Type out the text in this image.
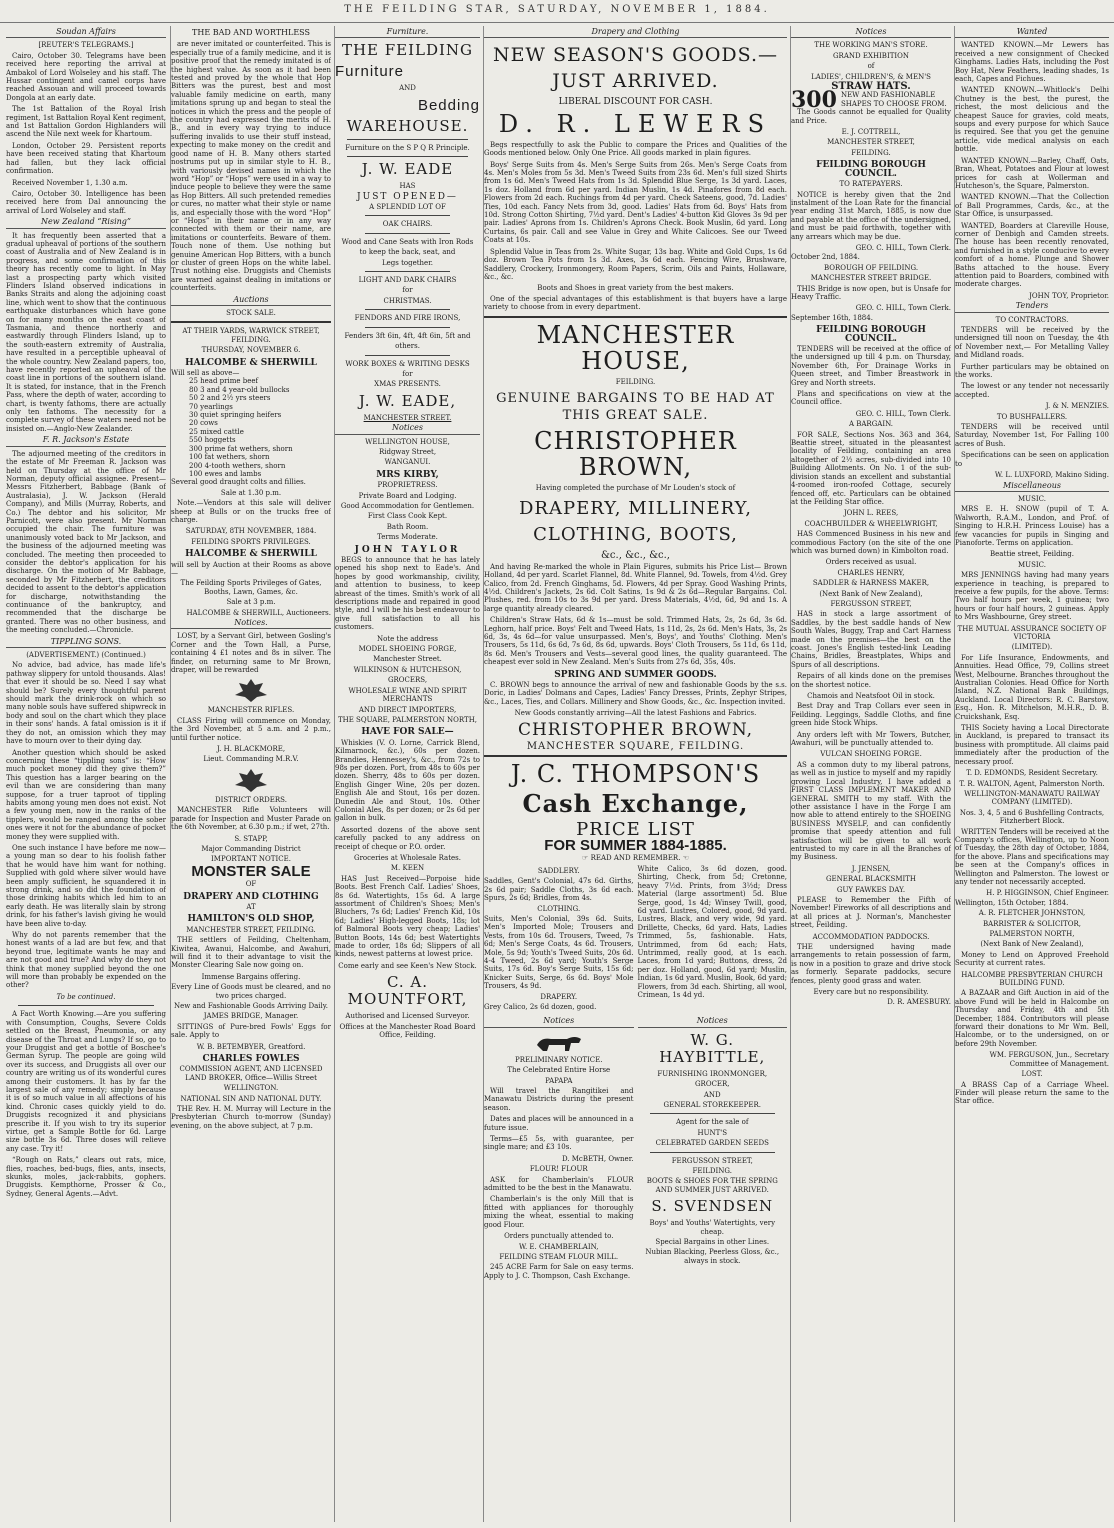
THE FEILDING STAR, SATURDAY, NOVEMBER 1, 1884.
Soudan Affairs
[REUTER'S TELEGRAMS.]

Cairo, October 30. Telegrams have been received here reporting the arrival at Ambakol of Lord Wolseley and his staff. The Hussar contingent and camel corps have reached Assouan and will proceed towards Dongola at an early date.

The 1st Battalion of the Royal Irish regiment, 1st Battalion Royal Kent regiment, and 1st Battalion Gordon Highlanders will ascend the Nile next week for Khartoum.

London, October 29. Persistent reports have been received stating that Khartoum had fallen, but they lack official confirmation.

Received November 1, 1.30 a.m.

Cairo, October 30. Intelligence has been received here from Dal announcing the arrival of Lord Wolseley and staff.

New Zealand “Rising”

It has frequently been asserted that a gradual upheaval of portions of the southern coast of Australia and of New Zealand is in progress, and some confirmation of this theory has recently come to light. In May last a prospecting party which visited Flinders Island observed indications in Banks Straits and along the adjoining coast line, which went to show that the continuous earthquake disturbances which have gone on for many months on the east coast of Tasmania, and thence northerly and eastwardly through Flinders Island, up to the south-eastern extremity of Australia, have resulted in a perceptible upheaval of the whole country. New Zealand papers, too, have recently reported an upheaval of the coast line in portions of the southern island. It is stated, for instance, that in the French Pass, where the depth of water, according to chart, is twenty fathoms, there are actually only ten fathoms. The necessity for a complete survey of these waters need not be insisted on.—Anglo-New Zealander.

F. R. Jackson's Estate

The adjourned meeting of the creditors in the estate of Mr Freeman R. Jackson was held on Thursday at the office of Mr Norman, deputy official assignee. Present—Messrs Fitzherbert, Babbage (Bank of Australasia), J. W. Jackson (Herald Company), and Mills (Murray, Roberts, and Co.) The debtor and his solicitor, Mr Parnicott, were also present. Mr Norman occupied the chair. The furniture was unanimously voted back to Mr Jackson, and the business of the adjourned meeting was concluded. The meeting then proceeded to consider the debtor's application for his discharge. On the motion of Mr Babbage, seconded by Mr Fitzherbert, the creditors decided to assent to the debtor's application for discharge, notwithstanding the continuance of the bankruptcy, and recommended that the discharge be granted. There was no other business, and the meeting concluded.—Chronicle.

TIPPLING SONS.
(ADVERTISEMENT.) (Continued.)

No advice, bad advice, has made life's pathway slippery for untold thousands. Alas! that ever it should be so. Need I say what should be? Surely every thoughtful parent should mark the drink-rock on which so many noble souls have suffered shipwreck in body and soul on the chart which they place in their sons' hands. A fatal omission is it if they do not, an omission which they may have to mourn over to their dying day.

Another question which should be asked concerning these “tippling sons” is: “How much pocket money did they give them?” This question has a larger bearing on the evil than we are considering than many suppose, for a truer taproot of tippling habits among young men does not exist. Not a few young men, now in the ranks of the tipplers, would be ranged among the sober ones were it not for the abundance of pocket money they were supplied with.

One such instance I have before me now—a young man so dear to his foolish father that he would have him want for nothing. Supplied with gold where silver would have been amply sufficient, he squandered it in strong drink, and so did the foundation of those drinking habits which led him to an early death. He was literally slain by strong drink, for his father's lavish giving he would have been alive to-day.

Why do not parents remember that the honest wants of a lad are but few, and that beyond true, legitimate wants he may and are not good and true? And why do they not think that money supplied beyond the one will more than probably be expended on the other?

To be continued.

A Fact Worth Knowing.—Are you suffering with Consumption, Coughs, Severe Colds settled on the Breast, Pneumonia, or any disease of the Throat and Lungs? If so, go to your Druggist and get a bottle of Boschee's German Syrup. The people are going wild over its success, and Druggists all over our country are writing us of its wonderful cures among their customers. It has by far the largest sale of any remedy; simply because it is of so much value in all affections of his kind. Chronic cases quickly yield to do. Druggists recognized it and physicians prescribe it. If you wish to try its superior virtue, get a Sample Bottle for 6d. Large size bottle 3s 6d. Three doses will relieve any case. Try it!

“Rough on Rats,” clears out rats, mice, flies, roaches, bed-bugs, flies, ants, insects, skunks, moles, jack-rabbits, gophers. Druggists. Kempthorne, Prosser & Co., Sydney, General Agents.—Advt.

THE BAD AND WORTHLESS

are never imitated or counterfeited. This is especially true of a family medicine, and it is positive proof that the remedy imitated is of the highest value. As soon as it had been tested and proved by the whole that Hop Bitters was the purest, best and most valuable family medicine on earth, many imitations sprung up and began to steal the notices in which the press and the people of the country had expressed the merits of H. B., and in every way trying to induce suffering invalids to use their stuff instead, expecting to make money on the credit and good name of H. B. Many others started nostrums put up in similar style to H. B., with variously devised names in which the word “Hop” or “Hops” were used in a way to induce people to believe they were the same as Hop Bitters. All such pretended remedies or cures, no matter what their style or name is, and especially those with the word “Hop” or “Hops” in their name or in any way connected with them or their name, are imitations or counterfeits. Beware of them. Touch none of them. Use nothing but genuine American Hop Bitters, with a bunch or cluster of green Hops on the white label. Trust nothing else. Druggists and Chemists are warned against dealing in imitations or counterfeits.

Auctions
STOCK SALE.
AT THEIR YARDS, WARWICK STREET, FEILDING.
THURSDAY, NOVEMBER 6.
HALCOMBE & SHERWILL
Will sell as above—
25 head prime beef
80 3 and 4 year-old bullocks
50 2 and 2½ yrs steers
70 yearlings
30 quiet springing heifers
20 cows
25 mixed cattle
550 hoggetts
300 prime fat wethers, shorn
100 fat wethers, shorn
200 4-tooth wethers, shorn
100 ewes and lambs
Several good draught colts and fillies.
Sale at 1.30 p.m.

Note.—Vendors at this sale will deliver sheep at Bulls or on the trucks free of charge.

SATURDAY, 8TH NOVEMBER, 1884.
FEILDING SPORTS PRIVILEGES.
HALCOMBE & SHERWILL
will sell by Auction at their Rooms as above—
The Feilding Sports Privileges of Gates, Booths, Lawn, Games, &c.
Sale at 3 p.m.
HALCOMBE & SHERWILL, Auctioneers.
Notices.

LOST, by a Servant Girl, between Gosling's Corner and the Town Hall, a Purse, containing 4 £1 notes and 8s in silver. The finder, on returning same to Mr Brown, draper, will be rewarded

MANCHESTER RIFLES.

CLASS Firing will commence on Monday, the 3rd November, at 5 a.m. and 2 p.m., until further notice.

J. H. BLACKMORE,
Lieut. Commanding M.R.V.
DISTRICT ORDERS.

MANCHESTER Rifle Volunteers will parade for Inspection and Muster Parade on the 6th November, at 6.30 p.m.; if wet, 27th.

S. STAPP,
Major Commanding District
IMPORTANT NOTICE.
MONSTER SALE
OF
DRAPERY AND CLOTHING
AT
HAMILTON'S OLD SHOP,
MANCHESTER STREET, FEILDING.

THE settlers of Feilding, Cheltenham, Kiwitea, Awanui, Halcombe, and Awahuri, will find it to their advantage to visit the Monster Clearing Sale now going on.

Immense Bargains offering.
Every Line of Goods must be cleared, and no two prices charged.
New and Fashionable Goods Arriving Daily.
JAMES BRIDGE, Manager.

SITTINGS of Pure-bred Fowls' Eggs for sale. Apply to

W. B. BETEMBYER, Greatford.
CHARLES FOWLES
COMMISSION AGENT, AND LICENSED LAND BROKER, Office—Willis Street
WELLINGTON.
NATIONAL SIN AND NATIONAL DUTY.

THE Rev. H. M. Murray will Lecture in the Presbyterian Church to-morrow (Sunday) evening, on the above subject, at 7 p.m.

Furniture.
THE FEILDING
Furniture
AND
Bedding
WAREHOUSE.
Furniture on the S P Q R Principle.
J. W. EADE
HAS
JUST OPENED—
A SPLENDID LOT OF
OAK CHAIRS.
Wood and Cane Seats with Iron Rods
to keep the back, seat, and
Legs together.
LIGHT AND DARK CHAIRS
for
CHRISTMAS.
FENDORS AND FIRE IRONS,
Fenders 3ft 6in, 4ft, 4ft 6in, 5ft and
others.
WORK BOXES & WRITING DESKS
for
XMAS PRESENTS.
J. W. EADE,
MANCHESTER STREET.
Notices
WELLINGTON HOUSE,
Ridgway Street,
WANGANUI.
MRS KIRBY,
PROPRIETRESS.
Private Board and Lodging.
Good Accommodation for Gentlemen.
First Class Cook Kept.
Bath Room.
Terms Moderate.
JOHN TAYLOR

BEGS to announce that he has lately opened his shop next to Eade's. And hopes by good workmanship, civility, and attention to business, to keep abreast of the times. Smith's work of all descriptions made and repaired in good style, and I will be his best endeavour to give full satisfaction to all his customers.

Note the address
MODEL SHOEING FORGE,
Manchester Street.
WILKINSON & HUTCHESON,
GROCERS,
WHOLESALE WINE AND SPIRIT MERCHANTS
AND DIRECT IMPORTERS,
THE SQUARE, PALMERSTON NORTH,
HAVE FOR SALE—

Whiskies (V. O. Lorne, Carrick Blend, Kilmarnock, &c.), 60s per dozen. Brandies, Hennessey's, &c., from 72s to 98s per dozen. Port, from 48s to 60s per dozen. Sherry, 48s to 60s per dozen. English Ginger Wine, 20s per dozen. English Ale and Stout, 16s per dozen. Dunedin Ale and Stout, 10s. Other Colonial Ales, 8s per dozen; or 2s 6d per gallon in bulk.

Assorted dozens of the above sent carefully packed to any address on receipt of cheque or P.O. order.

Groceries at Wholesale Rates.
M. KEEN

HAS Just Received—Porpoise hide Boots. Best French Calf. Ladies' Shoes, 8s 6d. Watertights, 15s 6d. A large assortment of Children's Shoes; Men's Bluchers, 7s 6d; Ladies' French Kid, 10s 6d; Ladies' High-legged Boots, 18s; lot of Balmoral Boots very cheap; Ladies' Button Boots, 14s 6d; best Watertights made to order, 18s 6d; Slippers of all kinds, newest patterns at lowest price.

Come early and see Keen's New Stock.
C. A. MOUNTFORT,
Authorised and Licensed Surveyor.
Offices at the Manchester Road Board Office, Feilding.
Drapery and Clothing
NEW SEASON'S GOODS.—JUST ARRIVED.
LIBERAL DISCOUNT FOR CASH.
D. R. LEWERS

Begs respectfully to ask the Public to compare the Prices and Qualities of the Goods mentioned below. Only One Price. All goods marked in plain figures.

Boys' Serge Suits from 4s. Men's Serge Suits from 26s. Men's Serge Coats from 4s. Men's Moles from 5s 3d. Men's Tweed Suits from 23s 6d. Men's full sized Shirts from 1s 6d. Men's Tweed Hats from 1s 3d. Splendid Blue Serge, 1s 3d yard. Laces, 1s doz. Holland from 6d per yard. Indian Muslin, 1s 4d. Pinafores from 8d each. Flowers from 2d each. Ruchings from 4d per yard. Check Sateens, good, 7d. Ladies' Ties, 10d each. Fancy Nets from 3d, good. Ladies' Hats from 6d. Boys' Hats from 10d. Strong Cotton Shirting, 7½d yard. Dent's Ladies' 4-button Kid Gloves 3s 9d per pair. Ladies' Aprons from 1s. Children's Aprons Check. Book Muslin, 6d yard. Long Curtains, 6s pair. Call and see Value in Grey and White Calicoes. See our Tweed Coats at 10s.

Splendid Value in Teas from 2s. White Sugar, 13s bag. White and Gold Cups, 1s 6d doz. Brown Tea Pots from 1s 3d. Axes, 3s 6d each. Fencing Wire, Brushware, Saddlery, Crockery, Ironmongery, Room Papers, Scrim, Oils and Paints, Hollaware, &c., &c.

Boots and Shoes in great variety from the best makers.

One of the special advantages of this establishment is that buyers have a large variety to choose from in every department.

MANCHESTER HOUSE,
FEILDING.
GENUINE BARGAINS TO BE HAD AT THIS GREAT SALE.
CHRISTOPHER BROWN,
Having completed the purchase of Mr Louden's stock of
DRAPERY, MILLINERY, CLOTHING, BOOTS,
&c., &c., &c.,

And having Re-marked the whole in Plain Figures, submits his Price List— Brown Holland, 4d per yard. Scarlet Flannel, 8d. White Flannel, 9d. Towels, from 4½d. Grey Calico, from 2d. French Ginghams, 5d. Flowers, 4d per Spray. Good Washing Prints, 4½d. Children's Jackets, 2s 6d. Colt Satins, 1s 9d & 2s 6d—Regular Bargains. Col. Plushes, red. from 10s to 3s 9d per yard. Dress Materials, 4½d, 6d, 9d and 1s. A large quantity already cleared.

Children's Straw Hats, 6d & 1s—must be sold. Trimmed Hats, 2s, 2s 6d, 3s 6d. Leghorn, half price. Boys' Felt and Tweed Hats, 1s 11d, 2s, 2s 6d. Men's Hats, 3s, 2s 6d, 3s, 4s 6d—for value unsurpassed. Men's, Boys', and Youths' Clothing. Men's Trousers, 5s 11d, 6s 6d, 7s 6d, 8s 6d, upwards. Boys' Cloth Trousers, 5s 11d, 6s 11d, 8s 6d. Men's Trousers and Vests—several good lines, the quality guaranteed. The cheapest ever sold in New Zealand. Men's Suits from 27s 6d, 35s, 40s.

SPRING AND SUMMER GOODS.

C. BROWN begs to announce the arrival of new and fashionable Goods by the s.s. Doric, in Ladies' Dolmans and Capes, Ladies' Fancy Dresses, Prints, Zephyr Stripes, &c., Laces, Ties, and Collars. Millinery and Show Goods, &c., &c. Inspection invited.

New Goods constantly arriving—All the latest Fashions and Fabrics.
CHRISTOPHER BROWN,
MANCHESTER SQUARE, FEILDING.
J. C. THOMPSON'S
Cash Exchange,
PRICE LIST
FOR SUMMER 1884-1885.
☞ READ AND REMEMBER. ☜
SADDLERY.

Saddles, Gent's Colonial, 47s 6d. Girths, 2s 6d pair; Saddle Cloths, 3s 6d each. Spurs, 2s 6d; Bridles, from 4s.

CLOTHING.

Suits, Men's Colonial, 39s 6d. Suits, Men's Imported Mole; Trousers and Vests, from 10s 6d. Trousers, Tweed, 7s 6d; Men's Serge Coats, 4s 6d. Trousers, Mole, 5s 9d; Youth's Tweed Suits, 20s 6d. 4-4 Tweed, 2s 6d yard; Youth's Serge Suits, 17s 6d. Boy's Serge Suits, 15s 6d; Knicker Suits, Serge, 6s 6d. Boys' Mole Trousers, 4s 9d.

DRAPERY.

Grey Calico, 2s 6d dozen, good.

White Calico, 3s 6d dozen, good. Shirting, Check, from 5d; Cretonne, heavy 7½d. Prints, from 3½d; Dress Material (large assortment) 5d. Blue Serge, good, 1s 4d; Winsey Twill, good, 6d yard. Lustres, Colored, good, 9d yard. Lustres, Black, and very wide, 9d yard. Drillette, Checks, 6d yard. Hats, Ladies Trimmed, 5s, fashionable. Hats, Untrimmed, from 6d each; Hats, Untrimmed, really good, at 1s each. Laces, from 1d yard; Buttons, dress, 2d per doz. Holland, good, 6d yard; Muslin, Indian, 1s 6d yard. Muslin, Book, 6d yard; Flowers, from 3d each. Shirting, all wool, Crimean, 1s 4d yd.

Notices
PRELIMINARY NOTICE.
The Celebrated Entire Horse
PAPAPA

Will travel the Rangitikei and Manawatu Districts during the present season.

Dates and places will be announced in a future issue.

Terms—£5 5s, with guarantee, per single mare; and £3 10s.

D. McBETH, Owner.
FLOUR! FLOUR

ASK for Chamberlain's FLOUR admitted to be the best in the Manawatu.

Chamberlain's is the only Mill that is fitted with appliances for thoroughly mixing the wheat, essential to making good Flour.

Orders punctually attended to.
W. E. CHAMBERLAIN,
FEILDING STEAM FLOUR MILL.

245 ACRE Farm for Sale on easy terms. Apply to J. C. Thompson, Cash Exchange.

Notices
W. G. HAYBITTLE,
FURNISHING IRONMONGER,
GROCER,
AND
GENERAL STOREKEEPER.
Agent for the sale of
HUNT'S
CELEBRATED GARDEN SEEDS
FERGUSSON STREET,
FEILDING.
BOOTS & SHOES FOR THE SPRING AND SUMMER JUST ARRIVED.
S. SVENDSEN
Boys' and Youths' Watertights, very cheap.
Special Bargains in other Lines.
Nubian Blacking, Peerless Gloss, &c., always in stock.
Notices
THE WORKING MAN'S STORE.
GRAND EXHIBITION
of
LADIES', CHILDREN'S, & MEN'S
STRAW HATS.
300 NEW AND FASHIONABLE SHAPES TO CHOOSE FROM.

The Goods cannot be equalled for Quality and Price.

E. J. COTTRELL,
MANCHESTER STREET,
FEILDING.
FEILDING BOROUGH COUNCIL.
TO RATEPAYERS.

NOTICE is hereby given that the 2nd instalment of the Loan Rate for the financial year ending 31st March, 1885, is now due and payable at the office of the undersigned, and must be paid forthwith, together with any arrears which may be due.

GEO. C. HILL, Town Clerk.
October 2nd, 1884.
BOROUGH OF FEILDING.
MANCHESTER STREET BRIDGE.

THIS Bridge is now open, but is Unsafe for Heavy Traffic.

GEO. C. HILL, Town Clerk.
September 16th, 1884.
FEILDING BOROUGH COUNCIL.

TENDERS will be received at the office of the undersigned up till 4 p.m. on Thursday, November 6th, For Drainage Works in Queen street, and Timber Breastwork in Grey and North streets.

Plans and specifications on view at the Council office.

GEO. C. HILL, Town Clerk.
A BARGAIN.

FOR SALE, Sections Nos. 363 and 364, Beattie street, situated in the pleasantest locality of Feilding, containing an area altogether of 2½ acres, sub-divided into 10 Building Allotments. On No. 1 of the sub-division stands an excellent and substantial 4-roomed iron-roofed Cottage, securely fenced off, etc. Particulars can be obtained at the Feilding Star office.

JOHN L. REES,
COACHBUILDER & WHEELWRIGHT,

HAS Commenced Business in his new and commodious Factory (on the site of the one which was burned down) in Kimbolton road.

Orders received as usual.
CHARLES HENRY,
SADDLER & HARNESS MAKER,
(Next Bank of New Zealand),
FERGUSSON STREET,

HAS in stock a large assortment of Saddles, by the best saddle hands of New South Wales, Buggy, Trap and Cart Harness made on the premises—the best on the coast. Jones's English tested-link Leading Chains, Bridles, Breastplates, Whips and Spurs of all descriptions.

Repairs of all kinds done on the premises on the shortest notice.

Chamois and Neatsfoot Oil in stock.

Best Dray and Trap Collars ever seen in Feilding. Leggings, Saddle Cloths, and fine green hide Stock Whips.

Any orders left with Mr Towers, Butcher, Awahuri, will be punctually attended to.

VULCAN SHOEING FORGE.

AS a common duty to my liberal patrons, as well as in justice to myself and my rapidly growing Local Industry, I have added a FIRST CLASS IMPLEMENT MAKER AND GENERAL SMITH to my staff. With the other assistance I have in the Forge I am now able to attend entirely to the SHOEING BUSINESS MYSELF, and can confidently promise that speedy attention and full satisfaction will be given to all work entrusted to my care in all the Branches of my Business.

J. JENSEN,
GENERAL BLACKSMITH
GUY FAWKES DAY.

PLEASE to Remember the Fifth of November! Fireworks of all descriptions and at all prices at J. Norman's, Manchester street, Feilding.

ACCOMMODATION PADDOCKS.

THE undersigned having made arrangements to retain possession of farm, is now in a position to graze and drive stock as formerly. Separate paddocks, secure fences, plenty good grass and water.

Every care but no responsibility.
D. R. AMESBURY.
Wanted

WANTED KNOWN.—Mr Lewers has received a new consignment of Checked Ginghams. Ladies Hats, including the Post Boy Hat, New Feathers, leading shades, 1s each, Capes and Fichues.

WANTED KNOWN.—Whitlock's Delhi Chutney is the best, the purest, the richest, the most delicious and the cheapest Sauce for gravies, cold meats, soups and every purpose for which Sauce is required. See that you get the genuine article, vide medical analysis on each bottle.

WANTED KNOWN.—Barley, Chaff, Oats, Bran, Wheat, Potatoes and Flour at lowest prices for cash at Wollerman and Hutcheson's, the Square, Palmerston.

WANTED KNOWN.—That the Collection of Ball Programmes, Cards, &c., at the Star Office, is unsurpassed.

WANTED, Boarders at Clareville House, corner of Denbigh and Camden streets. The house has been recently renovated, and furnished in a style conducive to every comfort of a home. Plunge and Shower Baths attached to the house. Every attention paid to Boarders, combined with moderate charges.

JOHN TOY, Proprietor.
Tenders
TO CONTRACTORS.

TENDERS will be received by the undersigned till noon on Tuesday, the 4th of November next,— For Metalling Valley and Midland roads.

Further particulars may be obtained on the works.

The lowest or any tender not necessarily accepted.

J. & N. MENZIES.
TO BUSHFALLERS.

TENDERS will be received until Saturday, November 1st, For Falling 100 acres of Bush.

Specifications can be seen on application to

W. L. LUXFORD, Makino Siding.
Miscellaneous
MUSIC.

MRS E. H. SNOW (pupil of T. A. Walworth, R.A.M., London, and Prof. of Singing to H.R.H. Princess Louise) has a few vacancies for pupils in Singing and Pianoforte. Terms on application.

Beattie street, Feilding.
MUSIC.

MRS JENNINGS having had many years experience in teaching, is prepared to receive a few pupils, for the above. Terms: Two half hours per week, 1 guinea; two hours or four half hours, 2 guineas. Apply to Mrs Washbourne, Grey street.

THE MUTUAL ASSURANCE SOCIETY OF VICTORIA
(LIMITED).

For Life Insurance, Endowments, and Annuities. Head Office, 79, Collins street West, Melbourne. Branches throughout the Australian Colonies. Head Office for North Island, N.Z. National Bank Buildings, Auckland. Local Directors: R. C. Barstow, Esq., Hon. R. Mitchelson, M.H.R., D. B. Cruickshank, Esq.

THIS Society having a Local Directorate in Auckland, is prepared to transact its business with promptitude. All claims paid immediately after the production of the necessary proof.

T. D. EDMONDS, Resident Secretary.
T. R. WALTON, Agent, Palmerston North.
WELLINGTON-MANAWATU RAILWAY COMPANY (LIMITED).
Nos. 3, 4, 5 and 6 Bushfelling Contracts, Fitzherbert Block.

WRITTEN Tenders will be received at the Company's offices, Wellington, up to Noon of Tuesday, the 28th day of October, 1884, for the above. Plans and specifications may be seen at the Company's offices in Wellington and Palmerston. The lowest or any tender not necessarily accepted.

H. P. HIGGINSON, Chief Engineer.
Wellington, 15th October, 1884.
A. R. FLETCHER JOHNSTON,
BARRISTER & SOLICITOR,
PALMERSTON NORTH,
(Next Bank of New Zealand),

Money to Lend on Approved Freehold Security at current rates.

HALCOMBE PRESBYTERIAN CHURCH BUILDING FUND.

A BAZAAR and Gift Auction in aid of the above Fund will be held in Halcombe on Thursday and Friday, 4th and 5th December, 1884. Contributors will please forward their donations to Mr Wm. Bell, Halcombe, or to the undersigned, on or before 29th November.

WM. FERGUSON, Jun., Secretary Committee of Management.
LOST.

A BRASS Cap of a Carriage Wheel. Finder will please return the same to the Star office.
